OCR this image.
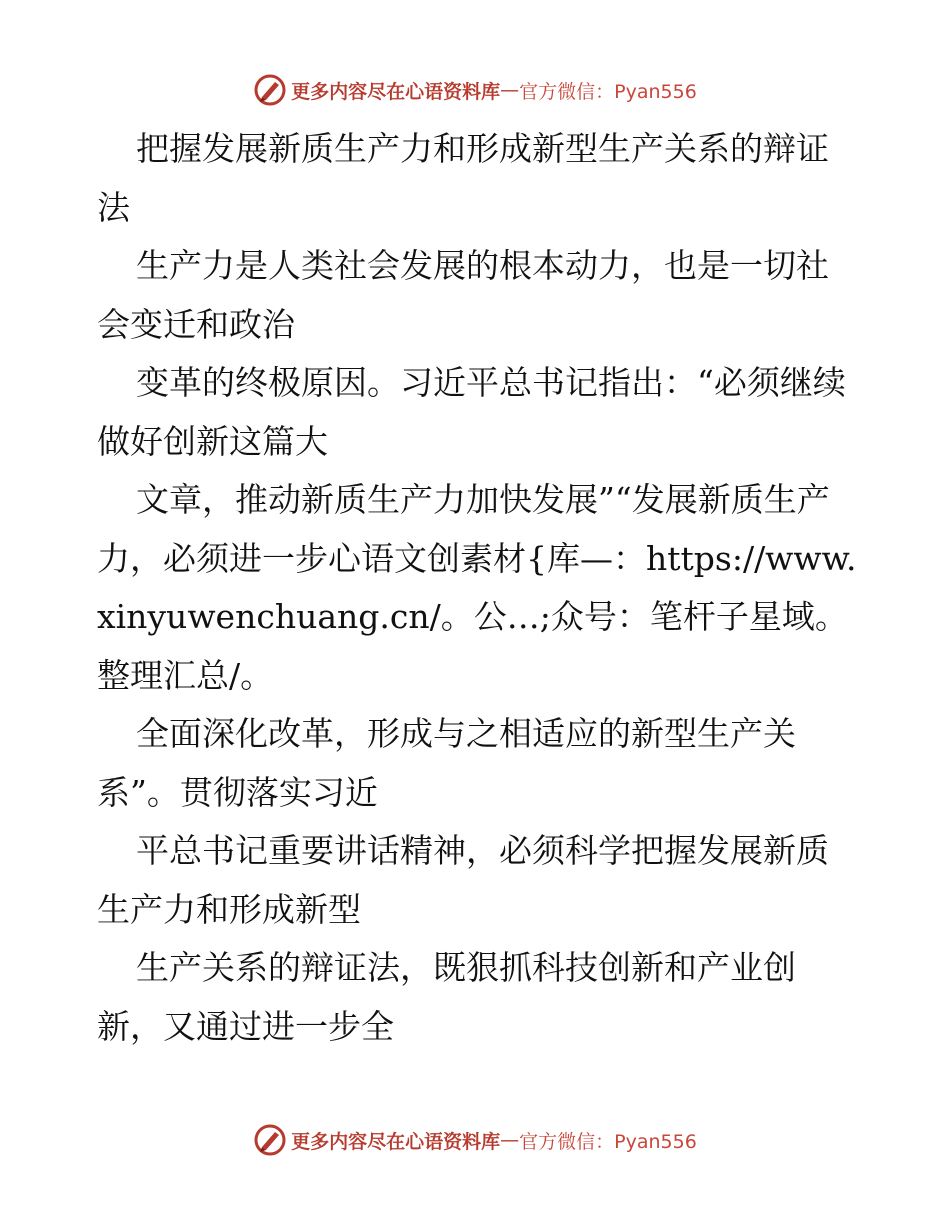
更多内容尽在心语资料库 — 官方微信：Pyan556

把握发展新质生产力和形成新型生产关系的辩证法

生产力是人类社会发展的根本动力，也是一切社会变迁和政治

变革的终极原因。习近平总书记指出：“必须继续做好创新这篇大

文章，推动新质生产力加快发展”“发展新质生产力，必须进一步心语文创素材{库—：https://www.xinyuwenchuang.cn/。公…;众号：笔杆子星域。整理汇总/。

全面深化改革，形成与之相适应的新型生产关系”。贯彻落实习近

平总书记重要讲话精神，必须科学把握发展新质生产力和形成新型

生产关系的辩证法，既狠抓科技创新和产业创新，又通过进一步全

更多内容尽在心语资料库 — 官方微信：Pyan556
